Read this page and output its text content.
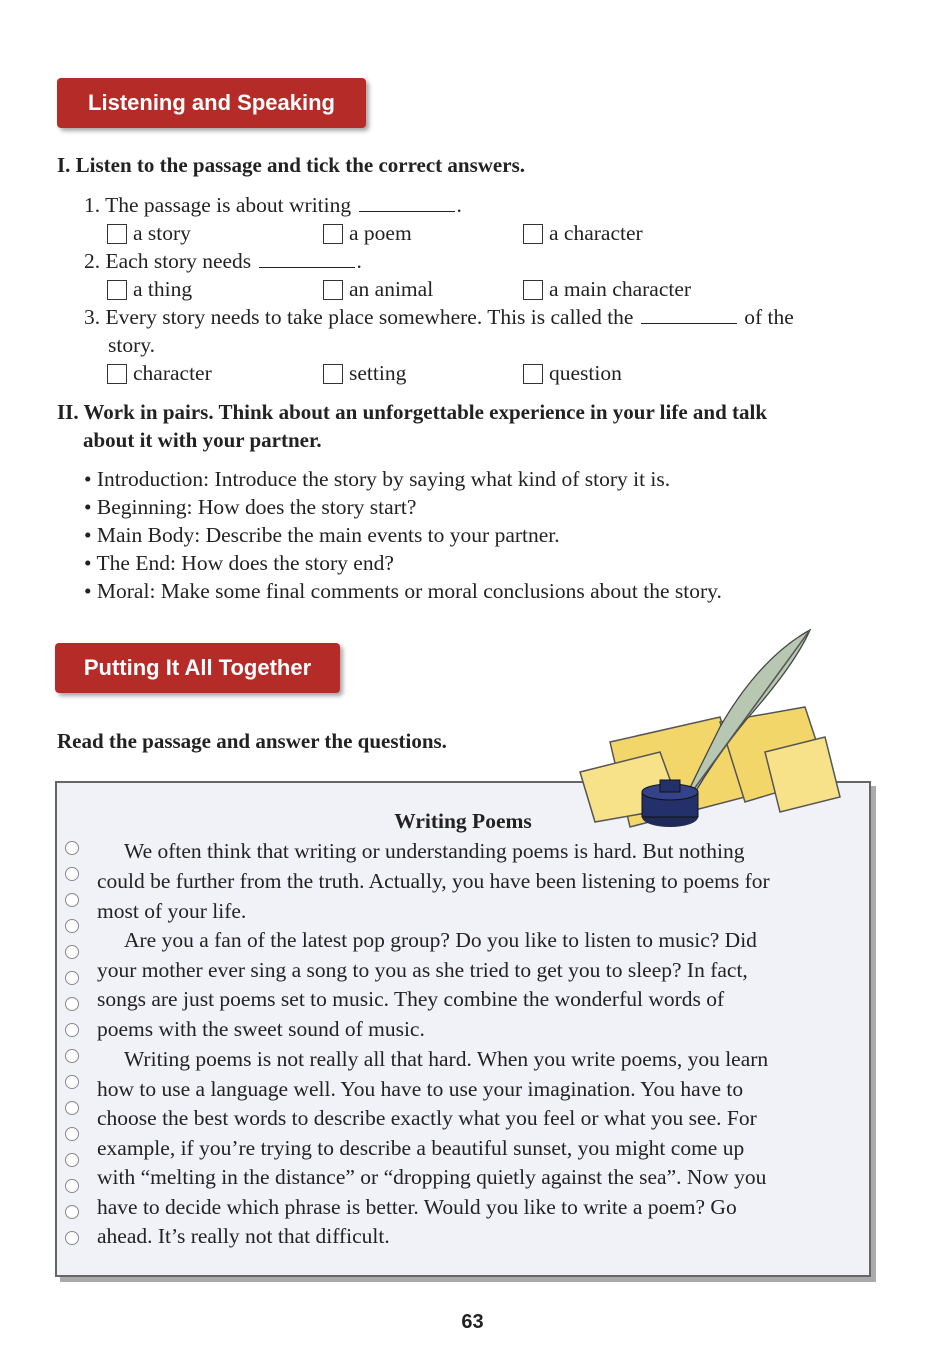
Listening and Speaking
I. Listen to the passage and tick the correct answers.
1. The passage is about writing	.
a story	a poem	a character
2. Each story needs	.
a thing	an animal	a main character
3. Every story needs to take place somewhere. This is called the	of the
story.
character	setting	question
II. Work in pairs. Think about an unforgettable experience in your life and talk
about it with your partner.
• Introduction: Introduce the story by saying what kind of story it is.
• Beginning: How does the story start?
• Main Body: Describe the main events to your partner.
• The End: How does the story end?
• Moral: Make some final comments or moral conclusions about the story.
Putting It All Together
Read the passage and answer the questions.
Writing Poems
We often think that writing or understanding poems is hard. But nothing
could be further from the truth. Actually, you have been listening to poems for
most of your life.
Are you a fan of the latest pop group? Do you like to listen to music? Did
your mother ever sing a song to you as she tried to get you to sleep? In fact,
songs are just poems set to music. They combine the wonderful words of
poems with the sweet sound of music.
Writing poems is not really all that hard. When you write poems, you learn
how to use a language well. You have to use your imagination. You have to
choose the best words to describe exactly what you feel or what you see. For
example, if you’re trying to describe a beautiful sunset, you might come up
with “melting in the distance” or “dropping quietly against the sea”. Now you
have to decide which phrase is better. Would you like to write a poem? Go
ahead. It’s really not that difficult.
63
